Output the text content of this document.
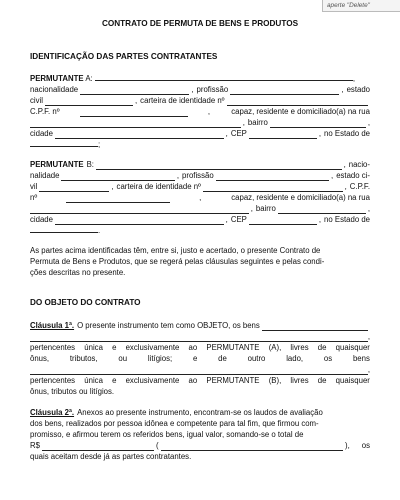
aperte "Delete"
CONTRATO DE PERMUTA DE BENS E PRODUTOS
IDENTIFICAÇÃO DAS PARTES CONTRATANTES
PERMUTANTE A:	,
nacionalidade	, profissão	, estado
civil	, carteira de identidade nº
C.P.F. nº	,	capaz, residente e domiciliado(a) na rua
, bairro	,
cidade	, CEP	, no Estado de
;
PERMUTANTE B:	, nacio-
nalidade	, profissão	, estado ci-
vil	, carteira de identidade nº	, C.P.F.
nº	,	capaz, residente e domiciliado(a) na rua
, bairro	,
cidade	, CEP	, no Estado de
.
As partes acima identificadas têm, entre si, justo e acertado, o presente Contrato de
Permuta de Bens e Produtos, que se regerá pelas cláusulas seguintes e pelas condi-
ções descritas no presente.
DO OBJETO DO CONTRATO
Cláusula 1ª. O presente instrumento tem como OBJETO, os bens
,
pertencentes única e exclusivamente ao PERMUTANTE (A), livres de quaisquer
ônus,	tributos,	ou	litígios;	e	de	outro	lado,	os	bens
,
pertencentes única e exclusivamente ao PERMUTANTE (B), livres de quaisquer
ônus, tributos ou litígios.
Cláusula 2ª. Anexos ao presente instrumento, encontram-se os laudos de avaliação
dos bens, realizados por pessoa idônea e competente para tal fim, que firmou com-
promisso, e afirmou terem os referidos bens, igual valor, somando-se o total de
R$	(	), os
quais aceitam desde já as partes contratantes.
